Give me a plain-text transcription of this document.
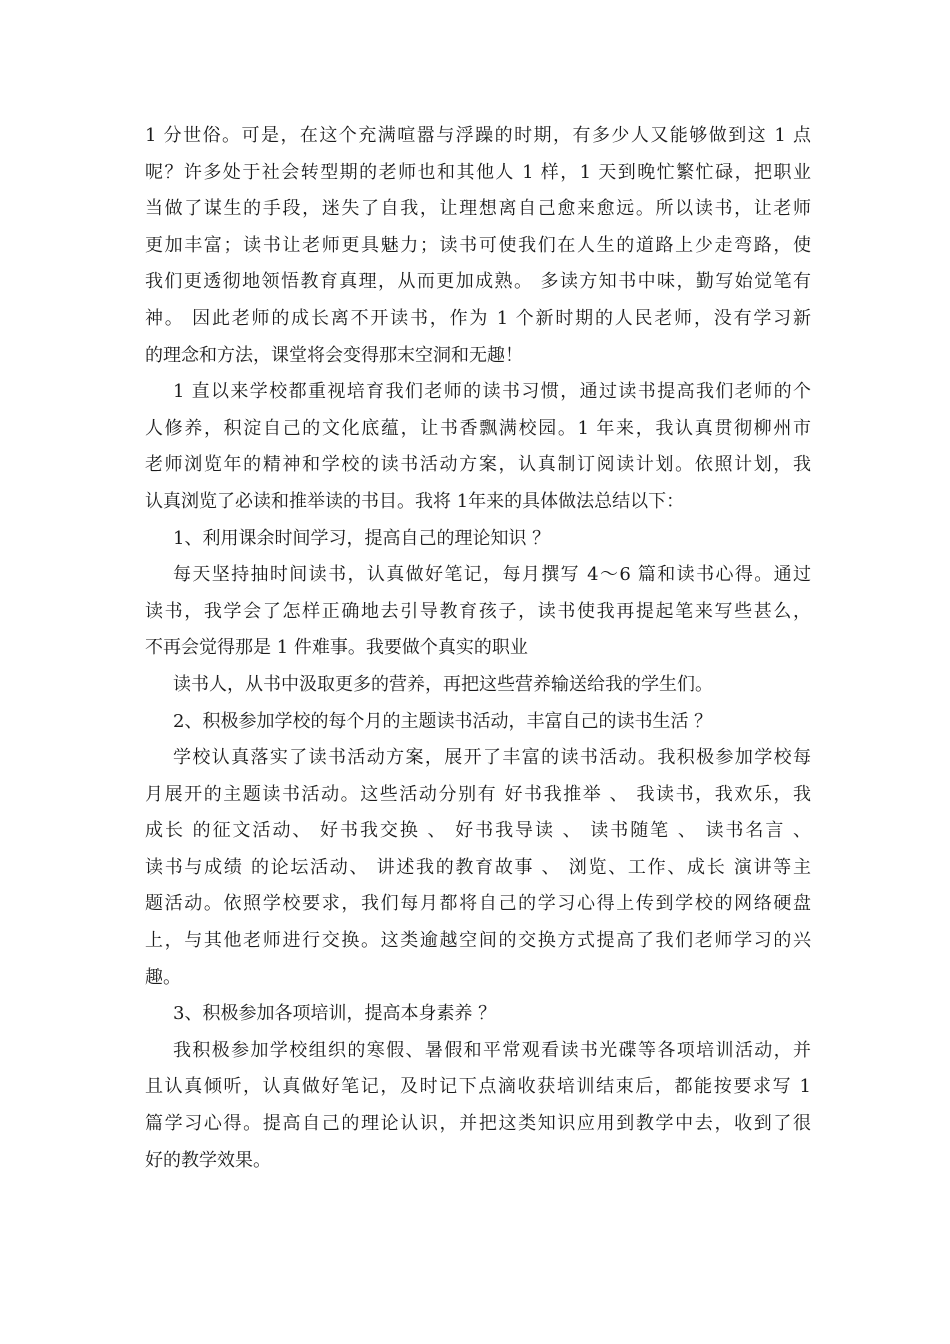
1 分世俗。可是，在这个充满喧嚣与浮躁的时期，有多少人又能够做到这 1 点
呢？许多处于社会转型期的老师也和其他人 1 样，1 天到晚忙繁忙碌，把职业
当做了谋生的手段，迷失了自我，让理想离自己愈来愈远。所以读书，让老师
更加丰富；读书让老师更具魅力；读书可使我们在人生的道路上少走弯路，使
我们更透彻地领悟教育真理，从而更加成熟。 多读方知书中味，勤写始觉笔有
神。 因此老师的成长离不开读书，作为 1 个新时期的人民老师，没有学习新
的理念和方法，课堂将会变得那末空洞和无趣！
1 直以来学校都重视培育我们老师的读书习惯，通过读书提高我们老师的个
人修养，积淀自己的文化底蕴，让书香飘满校园。1 年来，我认真贯彻柳州市
老师浏览年的精神和学校的读书活动方案，认真制订阅读计划。依照计划，我
认真浏览了必读和推举读的书目。我将 1年来的具体做法总结以下：
1、利用课余时间学习，提高自己的理论知识 ？
每天坚持抽时间读书，认真做好笔记，每月撰写 4～6 篇和读书心得。通过
读书，我学会了怎样正确地去引导教育孩子，读书使我再提起笔来写些甚么，
不再会觉得那是 1 件难事。我要做个真实的职业
读书人，从书中汲取更多的营养，再把这些营养输送给我的学生们。
2、积极参加学校的每个月的主题读书活动，丰富自己的读书生活 ？
学校认真落实了读书活动方案，展开了丰富的读书活动。我积极参加学校每
月展开的主题读书活动。这些活动分别有 好书我推举 、 我读书，我欢乐，我
成长 的征文活动、 好书我交换 、 好书我导读 、 读书随笔 、 读书名言 、
读书与成绩 的论坛活动、 讲述我的教育故事 、 浏览、工作、成长 演讲等主
题活动。依照学校要求，我们每月都将自己的学习心得上传到学校的网络硬盘
上，与其他老师进行交换。这类逾越空间的交换方式提高了我们老师学习的兴
趣。
3、积极参加各项培训，提高本身素养 ？
我积极参加学校组织的寒假、暑假和平常观看读书光碟等各项培训活动，并
且认真倾听，认真做好笔记，及时记下点滴收获培训结束后，都能按要求写 1
篇学习心得。提高自己的理论认识，并把这类知识应用到教学中去，收到了很
好的教学效果。
